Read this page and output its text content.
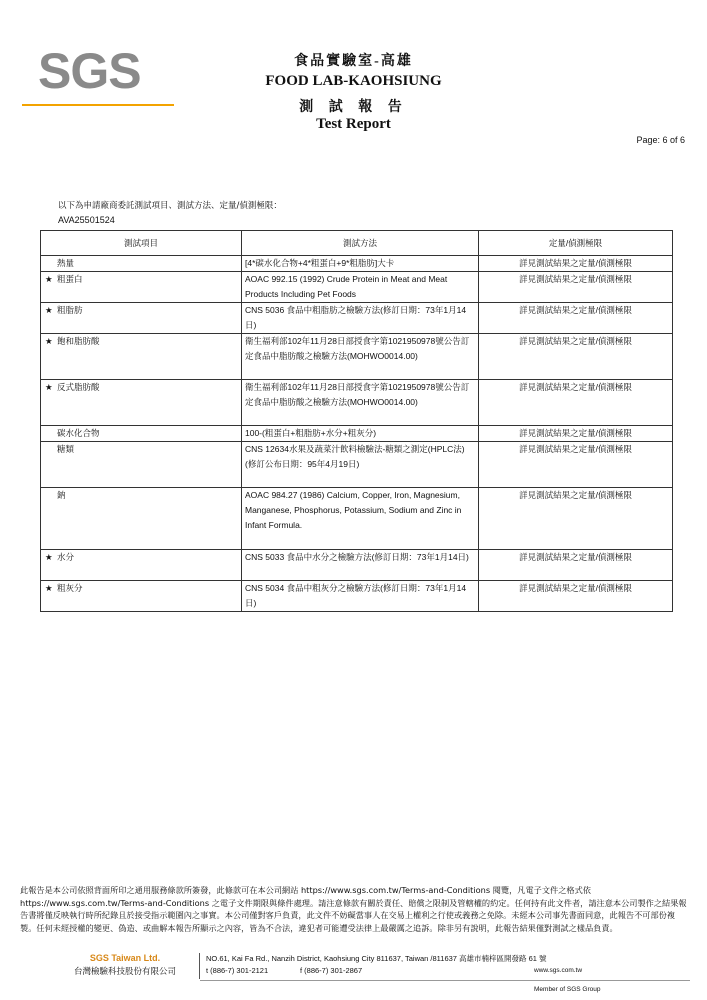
SGS	食品實驗室-高雄
FOOD LAB-KAOHSIUNG
測 試 報 告
Test Report
Page: 6 of 6
以下為申請廠商委託測試項目、測試方法、定量/偵測極限：
AVA25501524
測試項目	測試方法	定量/偵測極限
熱量	[4*碳水化合物+4*粗蛋白+9*粗脂肪]大卡	詳見測試結果之定量/偵測極限
★ 粗蛋白	AOAC 992.15 (1992) Crude Protein in Meat and Meat Products Including Pet Foods	詳見測試結果之定量/偵測極限
★ 粗脂肪	CNS 5036 食品中粗脂肪之檢驗方法(修訂日期：73年1月14日)	詳見測試結果之定量/偵測極限
★ 飽和脂肪酸	衛生福利部102年11月28日部授食字第1021950978號公告訂定食品中脂肪酸之檢驗方法(MOHWO0014.00)	詳見測試結果之定量/偵測極限
★ 反式脂肪酸	衛生福利部102年11月28日部授食字第1021950978號公告訂定食品中脂肪酸之檢驗方法(MOHWO0014.00)	詳見測試結果之定量/偵測極限
碳水化合物	100-(粗蛋白+粗脂肪+水分+粗灰分)	詳見測試結果之定量/偵測極限
糖類	CNS 12634水果及蔬菜汁飲料檢驗法-糖類之測定(HPLC法)(修訂公布日期：95年4月19日)	詳見測試結果之定量/偵測極限
鈉	AOAC 984.27 (1986) Calcium, Copper, Iron, Magnesium, Manganese, Phosphorus, Potassium, Sodium and Zinc in Infant Formula.	詳見測試結果之定量/偵測極限
★ 水分	CNS 5033 食品中水分之檢驗方法(修訂日期：73年1月14日)	詳見測試結果之定量/偵測極限
★ 粗灰分	CNS 5034 食品中粗灰分之檢驗方法(修訂日期：73年1月14日)	詳見測試結果之定量/偵測極限
此報告是本公司依照背面所印之通用服務條款所簽發，此條款可在本公司網站 https://www.sgs.com.tw/Terms-and-Conditions 閱覽，凡電子文件之格式依https://www.sgs.com.tw/Terms-and-Conditions 之電子文件期限與條件處理。請注意條款有關於責任、賠償之限制及管轄權的約定。任何持有此文件者，請注意本公司製作之結果報告書將僅反映執行時所紀錄且於接受指示範圍內之事實。本公司僅對客戶負責，此文件不妨礙當事人在交易上權利之行使或義務之免除。未經本公司事先書面同意，此報告不可部份複製。任何未經授權的變更、偽造、或曲解本報告所顯示之內容，皆為不合法，違犯者可能遭受法律上最嚴厲之追訴。除非另有說明，此報告結果僅對測試之樣品負責。
SGS Taiwan Ltd.
台灣檢驗科技股份有限公司
NO.61, Kai Fa Rd., Nanzih District, Kaohsiung City 811637, Taiwan /811637 高雄市楠梓區開發路 61 號
t (886-7) 301-2121	f (886-7) 301-2867	www.sgs.com.tw
Member of SGS Group
